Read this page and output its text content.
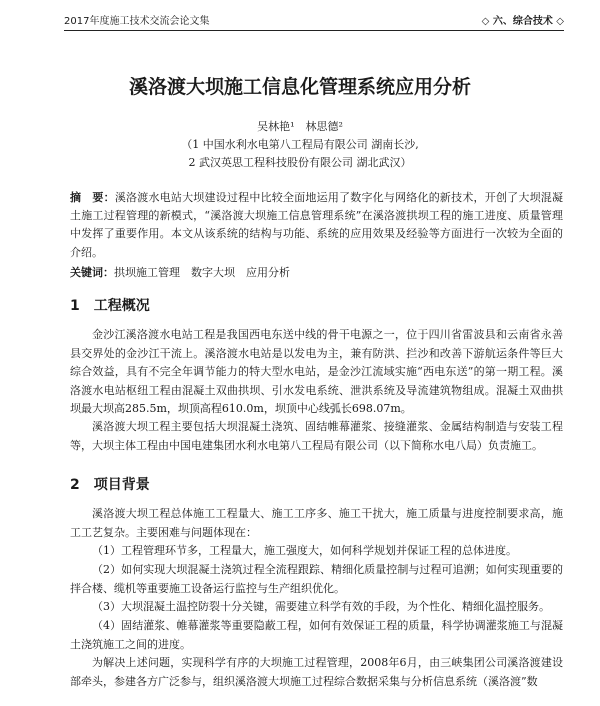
2017年度施工技术交流会论文集	◇ 六、综合技术 ◇
溪洛渡大坝施工信息化管理系统应用分析
吴林艳¹　林思德²
（1 中国水利水电第八工程局有限公司 湖南长沙,
2 武汉英思工程科技股份有限公司 湖北武汉）
摘　要：溪洛渡水电站大坝建设过程中比较全面地运用了数字化与网络化的新技术，开创了大坝混凝土施工过程管理的新模式，“溪洛渡大坝施工信息管理系统”在溪洛渡拱坝工程的施工进度、质量管理中发挥了重要作用。本文从该系统的结构与功能、系统的应用效果及经验等方面进行一次较为全面的介绍。
关键词：拱坝施工管理　数字大坝　应用分析
1　工程概况
金沙江溪洛渡水电站工程是我国西电东送中线的骨干电源之一，位于四川省雷波县和云南省永善县交界处的金沙江干流上。溪洛渡水电站是以发电为主，兼有防洪、拦沙和改善下游航运条件等巨大综合效益，具有不完全年调节能力的特大型水电站，是金沙江流域实施“西电东送”的第一期工程。溪洛渡水电站枢纽工程由混凝土双曲拱坝、引水发电系统、泄洪系统及导流建筑物组成。混凝土双曲拱坝最大坝高285.5m，坝顶高程610.0m，坝顶中心线弧长698.07m。
溪洛渡大坝工程主要包括大坝混凝土浇筑、固结帷幕灌浆、接缝灌浆、金属结构制造与安装工程等，大坝主体工程由中国电建集团水利水电第八工程局有限公司（以下简称水电八局）负责施工。
2　项目背景
溪洛渡大坝工程总体施工工程量大、施工工序多、施工干扰大，施工质量与进度控制要求高，施工工艺复杂。主要困难与问题体现在：
（1）工程管理环节多，工程量大，施工强度大，如何科学规划并保证工程的总体进度。
（2）如何实现大坝混凝土浇筑过程全流程跟踪、精细化质量控制与过程可追溯；如何实现重要的拌合楼、缆机等重要施工设备运行监控与生产组织优化。
（3）大坝混凝土温控防裂十分关键，需要建立科学有效的手段，为个性化、精细化温控服务。
（4）固结灌浆、帷幕灌浆等重要隐蔽工程，如何有效保证工程的质量，科学协调灌浆施工与混凝土浇筑施工之间的进度。
为解决上述问题，实现科学有序的大坝施工过程管理，2008年6月，由三峡集团公司溪洛渡建设部牵头，参建各方广泛参与，组织溪洛渡大坝施工过程综合数据采集与分析信息系统（溪洛渡”数
